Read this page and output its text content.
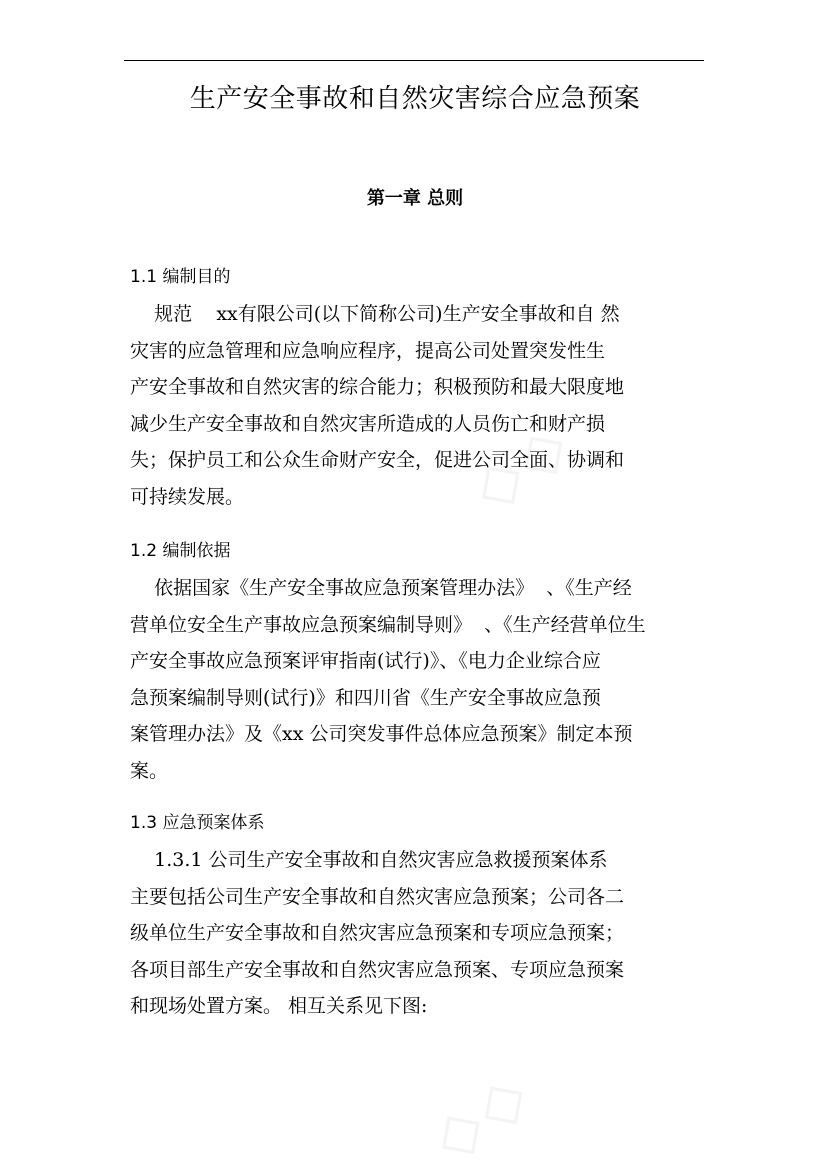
生产安全事故和自然灾害综合应急预案
第一章 总则
1.1 编制目的
规范    xx有限公司(以下简称公司)生产安全事故和自 然
灾害的应急管理和应急响应程序，提高公司处置突发性生
产安全事故和自然灾害的综合能力；积极预防和最大限度地
减少生产安全事故和自然灾害所造成的人员伤亡和财产损
失；保护员工和公众生命财产安全，促进公司全面、协调和
可持续发展。
1.2 编制依据
依据国家《生产安全事故应急预案管理办法》  、《生产经
营单位安全生产事故应急预案编制导则》  、《生产经营单位生
产安全事故应急预案评审指南(试行)》、《电力企业综合应
急预案编制导则(试行)》和四川省《生产安全事故应急预
案管理办法》及《xx 公司突发事件总体应急预案》制定本预
案。
1.3 应急预案体系
1.3.1 公司生产安全事故和自然灾害应急救援预案体系
主要包括公司生产安全事故和自然灾害应急预案；公司各二
级单位生产安全事故和自然灾害应急预案和专项应急预案；
各项目部生产安全事故和自然灾害应急预案、专项应急预案
和现场处置方案。 相互关系见下图:
